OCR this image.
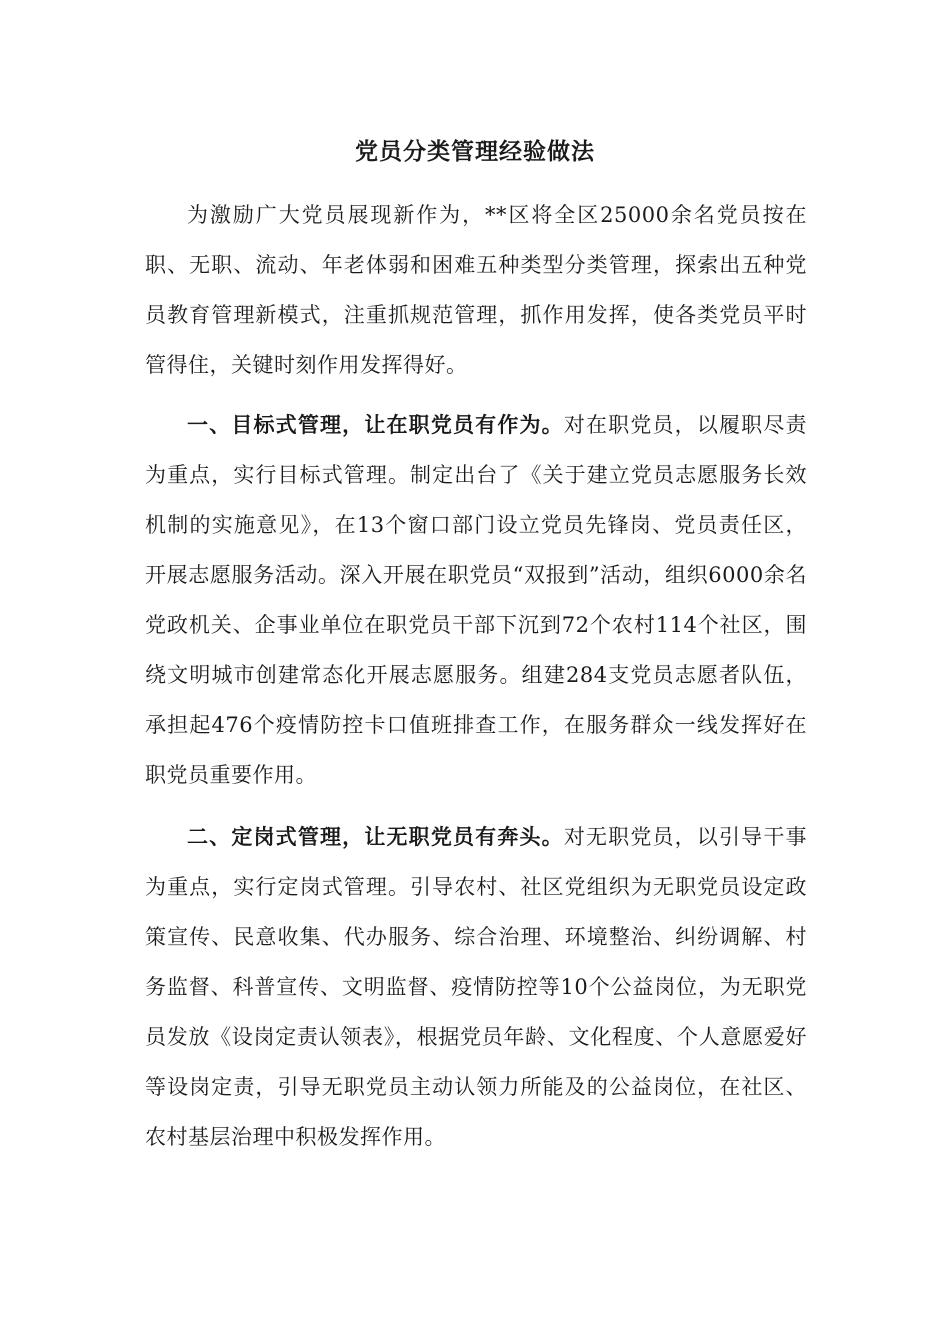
党员分类管理经验做法

为激励广大党员展现新作为，**区将全区25000余名党员按在职、无职、流动、年老体弱和困难五种类型分类管理，探索出五种党员教育管理新模式，注重抓规范管理，抓作用发挥，使各类党员平时管得住，关键时刻作用发挥得好。

一、目标式管理，让在职党员有作为。对在职党员，以履职尽责为重点，实行目标式管理。制定出台了《关于建立党员志愿服务长效机制的实施意见》，在13个窗口部门设立党员先锋岗、党员责任区，开展志愿服务活动。深入开展在职党员“双报到”活动，组织6000余名党政机关、企事业单位在职党员干部下沉到72个农村114个社区，围绕文明城市创建常态化开展志愿服务。组建284支党员志愿者队伍，承担起476个疫情防控卡口值班排查工作，在服务群众一线发挥好在职党员重要作用。

二、定岗式管理，让无职党员有奔头。对无职党员，以引导干事为重点，实行定岗式管理。引导农村、社区党组织为无职党员设定政策宣传、民意收集、代办服务、综合治理、环境整治、纠纷调解、村务监督、科普宣传、文明监督、疫情防控等10个公益岗位，为无职党员发放《设岗定责认领表》，根据党员年龄、文化程度、个人意愿爱好等设岗定责，引导无职党员主动认领力所能及的公益岗位，在社区、农村基层治理中积极发挥作用。
